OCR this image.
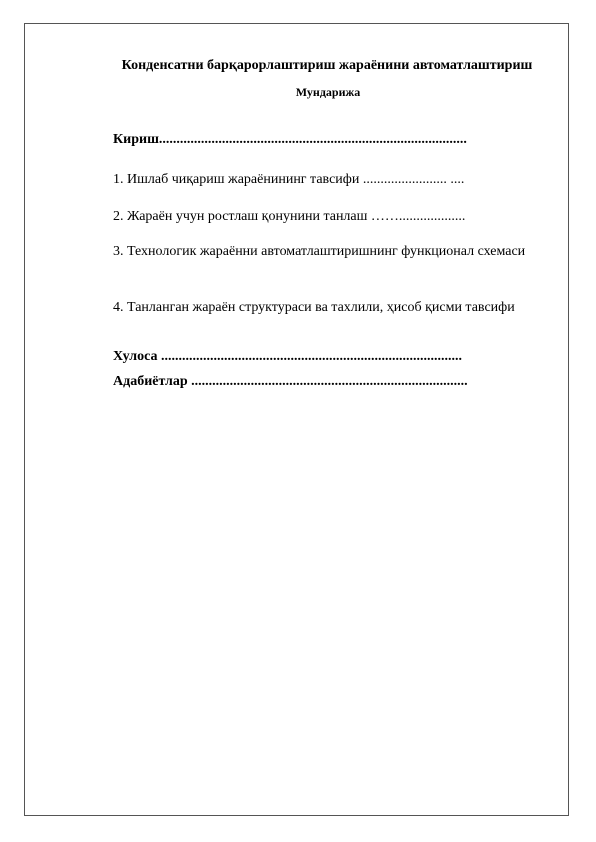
Конденсатни барқарорлаштириш жараёнини автоматлаштириш
Мундарижа
Кириш........................................................................................
1. Ишлаб чиқариш жараёнининг тавсифи ........................ ....
2. Жараён учун ростлаш қонунини танлаш ……...................
3. Технологик жараённи автоматлаштиришнинг функционал схемаси
4. Танланган жараён структураси ва тахлили, ҳисоб қисми тавсифи
Хулоса ......................................................................................
Адабиётлар ...............................................................................
